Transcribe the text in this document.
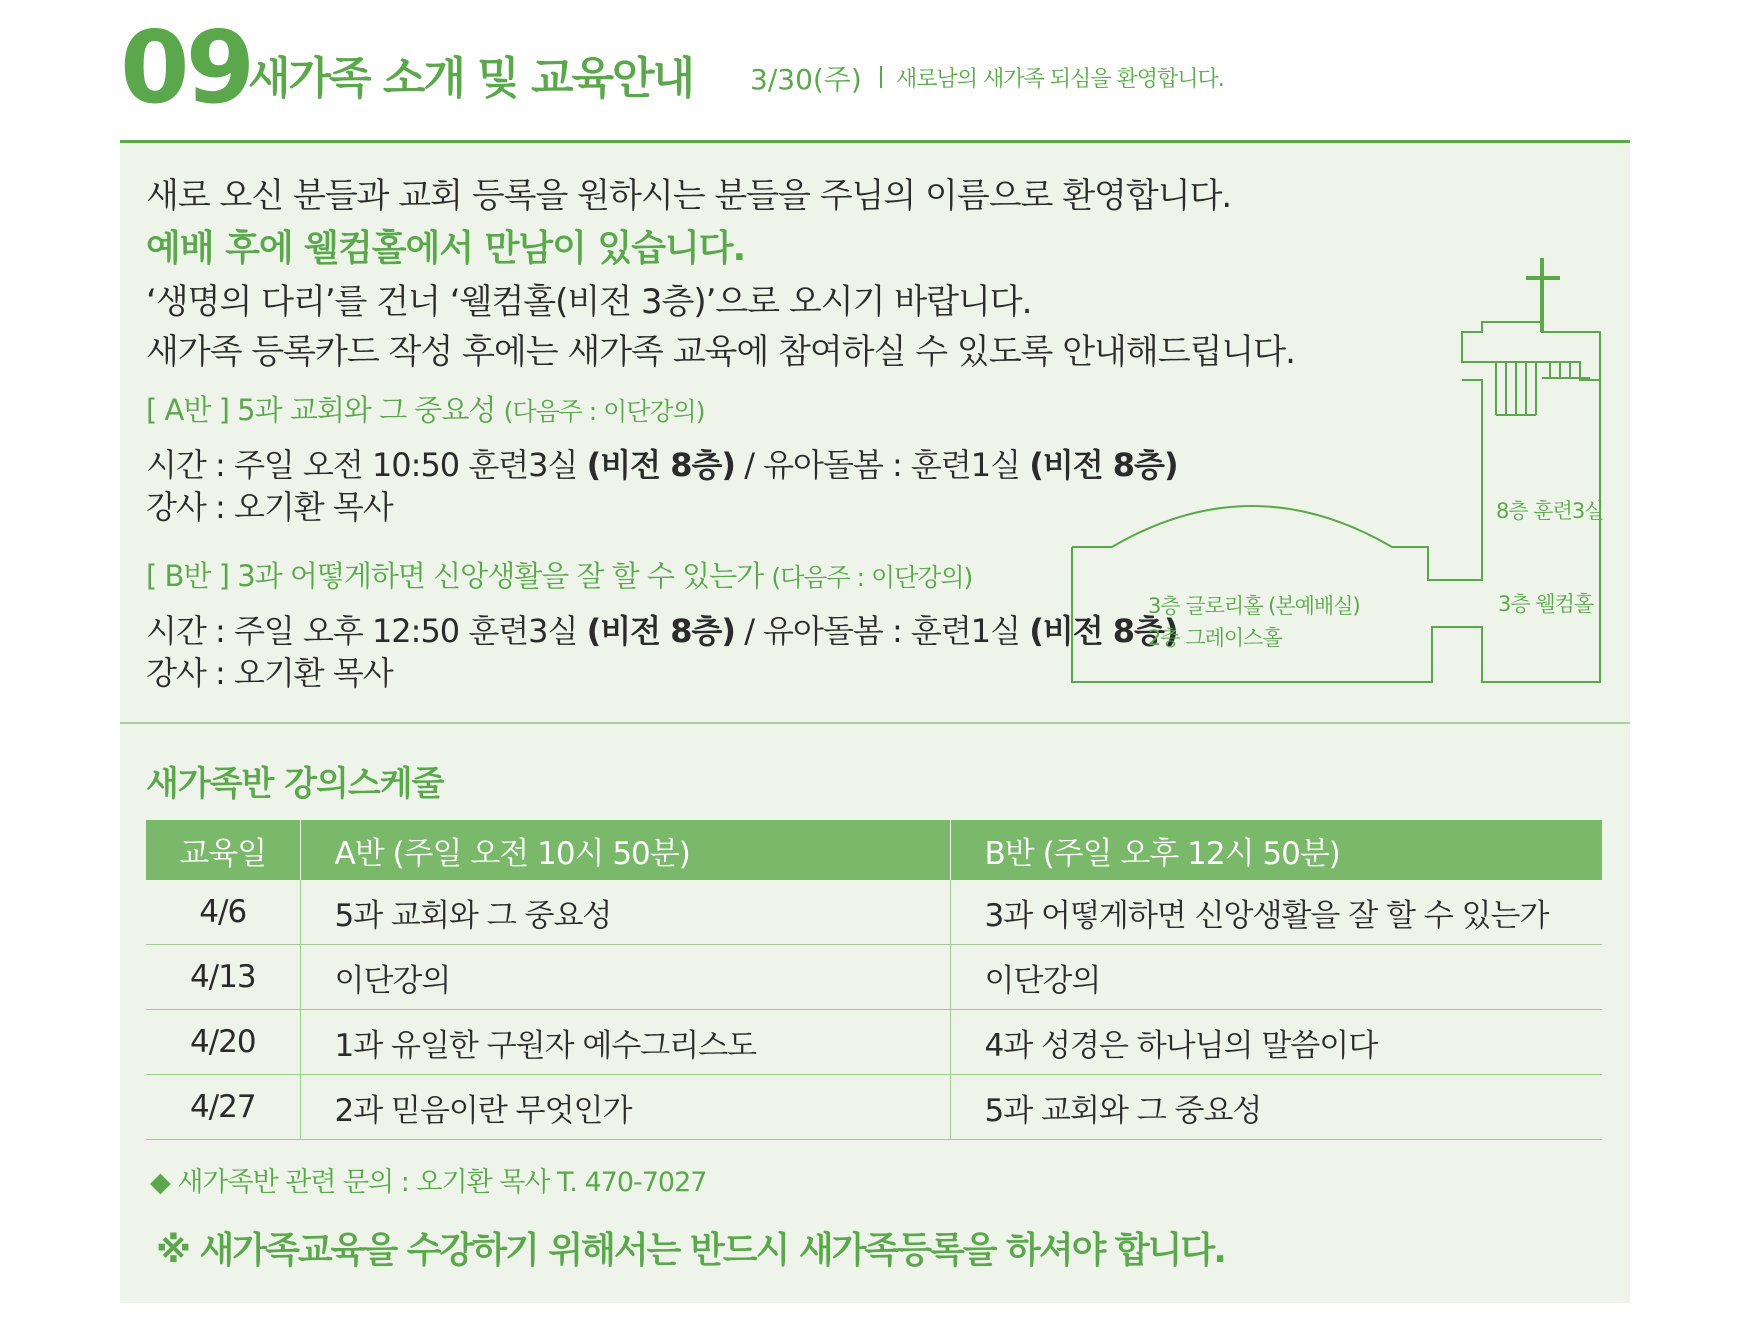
09
새가족 소개 및 교육안내 3/30(주) 새로남의 새가족 되심을 환영합니다.
새로 오신 분들과 교회 등록을 원하시는 분들을 주님의 이름으로 환영합니다.
예배 후에 웰컴홀에서 만남이 있습니다.
‘생명의 다리’를 건너 ‘웰컴홀(비전 3층)’으로 오시기 바랍니다.
새가족 등록카드 작성 후에는 새가족 교육에 참여하실 수 있도록 안내해드립니다.
[ A반 ] 5과 교회와 그 중요성 (다음주 : 이단강의)
시간 : 주일 오전 10:50 훈련3실 (비전 8층) / 유아돌봄 : 훈련1실 (비전 8층)
강사 : 오기환 목사
[ B반 ] 3과 어떻게하면 신앙생활을 잘 할 수 있는가 (다음주 : 이단강의)
시간 : 주일 오후 12:50 훈련3실 (비전 8층) / 유아돌봄 : 훈련1실 (비전 8층)
강사 : 오기환 목사
8층 훈련3실
3층 웰컴홀
3층 글로리홀 (본예배실)
2층 그레이스홀
새가족반 강의스케줄
교육일	A반 (주일 오전 10시 50분)	B반 (주일 오후 12시 50분)
4/6	5과 교회와 그 중요성	3과 어떻게하면 신앙생활을 잘 할 수 있는가
4/13	이단강의	이단강의
4/20	1과 유일한 구원자 예수그리스도	4과 성경은 하나님의 말씀이다
4/27	2과 믿음이란 무엇인가	5과 교회와 그 중요성
◆ 새가족반 관련 문의 : 오기환 목사 T. 470-7027
※ 새가족교육을 수강하기 위해서는 반드시 새가족등록을 하셔야 합니다.
